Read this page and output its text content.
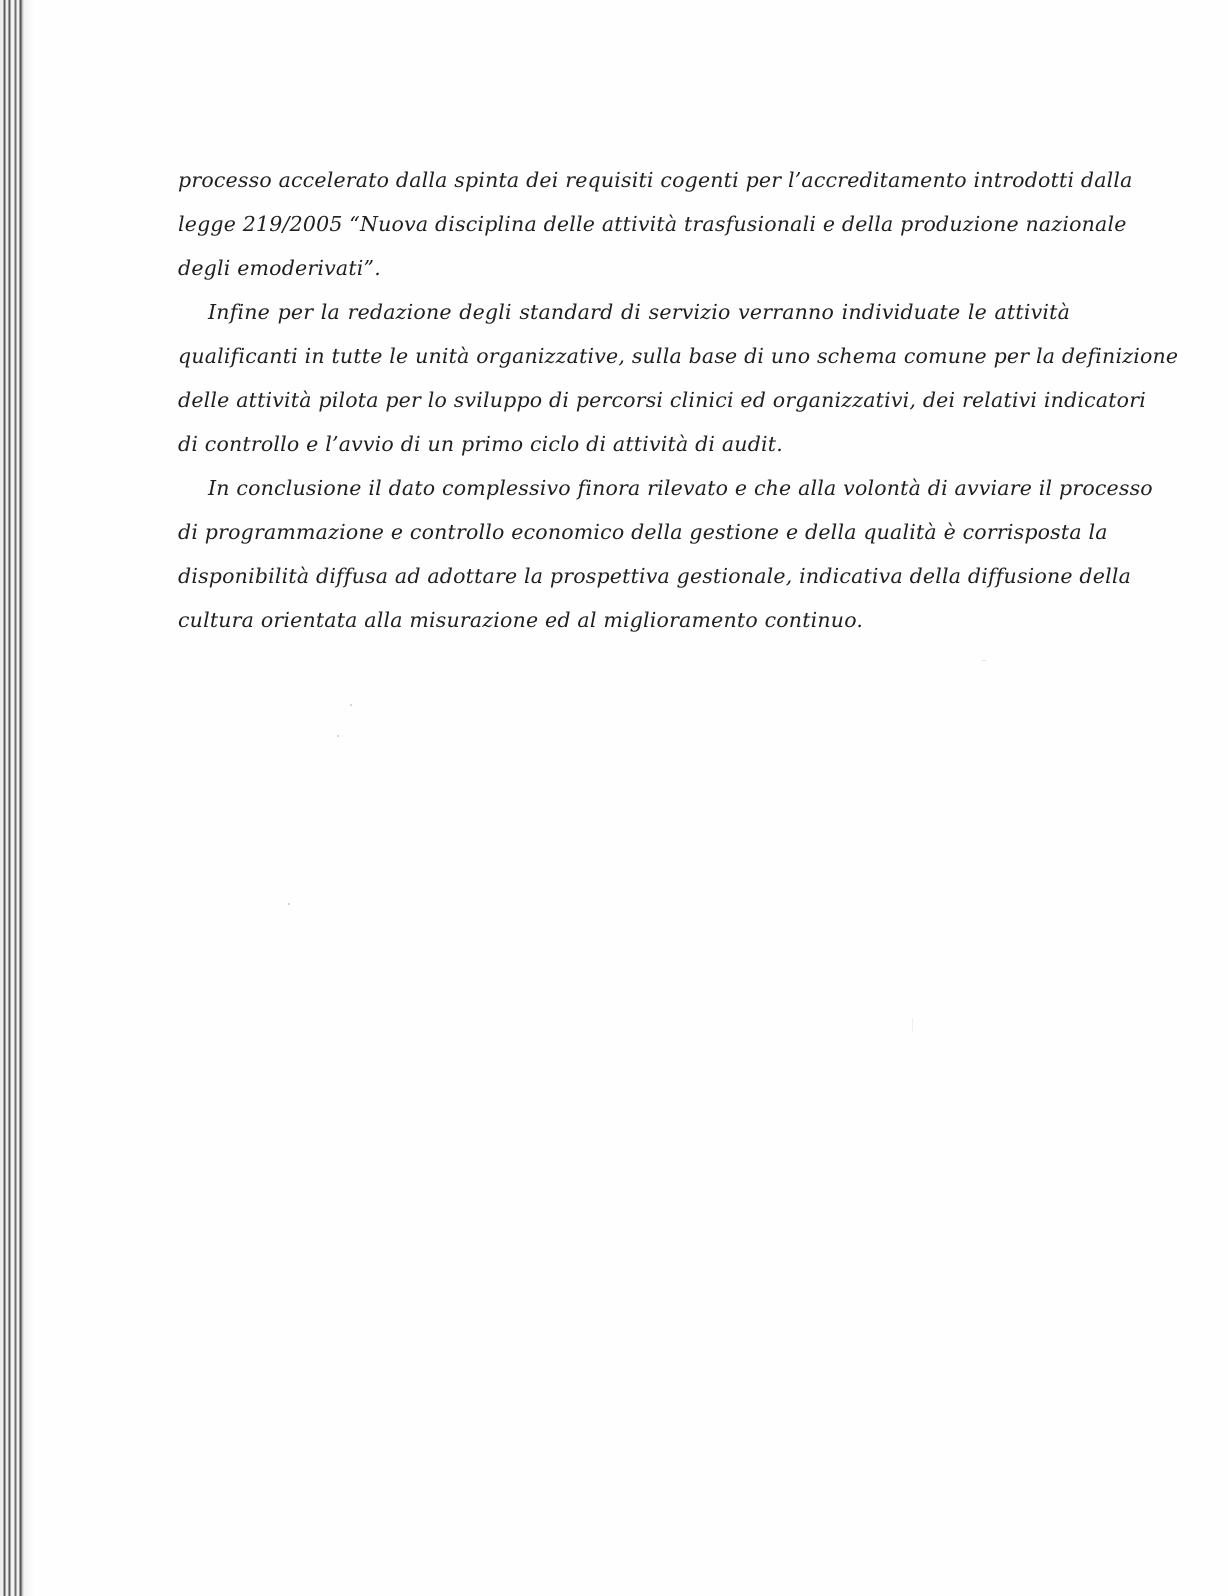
processo accelerato dalla spinta dei requisiti cogenti per l’accreditamento introdotti dalla
legge 219/2005 “Nuova disciplina delle attività trasfusionali e della produzione nazionale
degli emoderivati”.

Infine per la redazione degli standard di servizio verranno individuate le attività
qualificanti in tutte le unità organizzative, sulla base di uno schema comune per la definizione
delle attività pilota per lo sviluppo di percorsi clinici ed organizzativi, dei relativi indicatori
di controllo e l’avvio di un primo ciclo di attività di audit.

In conclusione il dato complessivo finora rilevato e che alla volontà di avviare il processo
di programmazione e controllo economico della gestione e della qualità è corrisposta la
disponibilità diffusa ad adottare la prospettiva gestionale, indicativa della diffusione della
cultura orientata alla misurazione ed al miglioramento continuo.
